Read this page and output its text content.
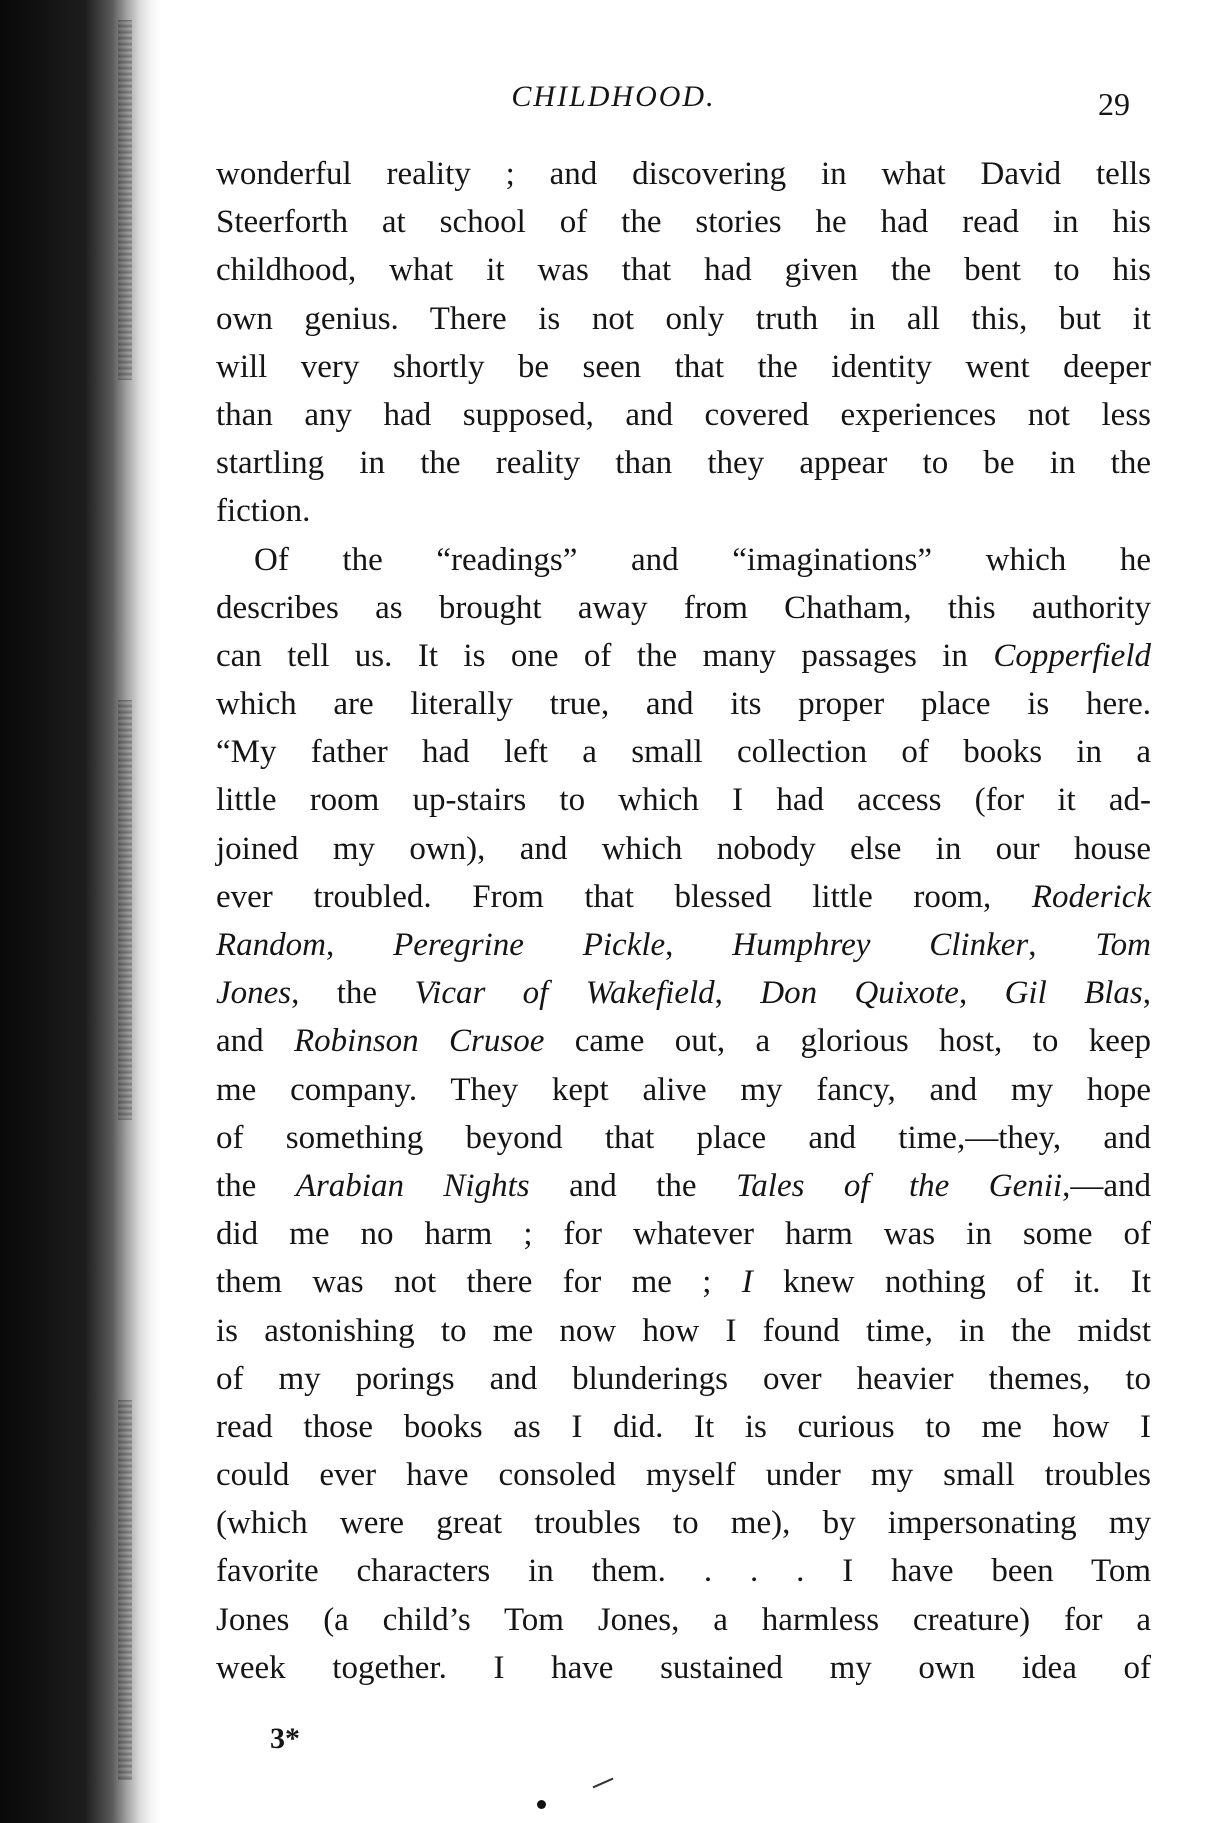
CHILDHOOD.	29
wonderful reality ; and discovering in what David tells
Steerforth at school of the stories he had read in his
childhood, what it was that had given the bent to his
own genius. There is not only truth in all this, but it
will very shortly be seen that the identity went deeper
than any had supposed, and covered experiences not less
startling in the reality than they appear to be in the
fiction.
Of the “readings” and “imaginations” which he
describes as brought away from Chatham, this authority
can tell us. It is one of the many passages in Copperfield
which are literally true, and its proper place is here.
“My father had left a small collection of books in a
little room up-stairs to which I had access (for it ad-
joined my own), and which nobody else in our house
ever troubled. From that blessed little room, Roderick
Random, Peregrine Pickle, Humphrey Clinker, Tom
Jones, the Vicar of Wakefield, Don Quixote, Gil Blas,
and Robinson Crusoe came out, a glorious host, to keep
me company. They kept alive my fancy, and my hope
of something beyond that place and time,—they, and
the Arabian Nights and the Tales of the Genii,—and
did me no harm ; for whatever harm was in some of
them was not there for me ; I knew nothing of it. It
is astonishing to me now how I found time, in the midst
of my porings and blunderings over heavier themes, to
read those books as I did. It is curious to me how I
could ever have consoled myself under my small troubles
(which were great troubles to me), by impersonating my
favorite characters in them. . . . I have been Tom
Jones (a child’s Tom Jones, a harmless creature) for a
week together. I have sustained my own idea of
3*
